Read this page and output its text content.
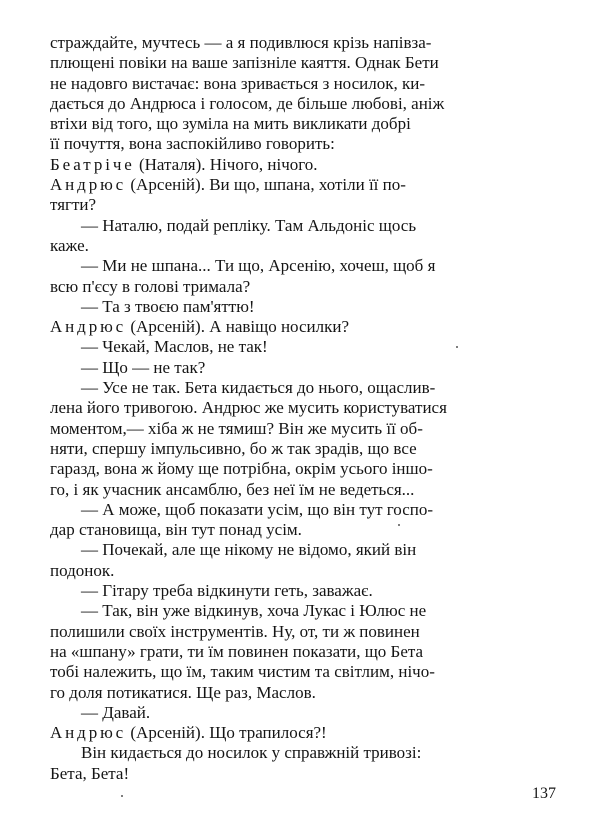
страждайте, мучтесь — а я подивлюся крізь напівза-
плющені повіки на ваше запізніле каяття. Однак Бети
не надовго вистачає: вона зривається з носилок, ки-
дається до Андрюса і голосом, де більше любові, аніж
втіхи від того, що зуміла на мить викликати добрі
її почуття, вона заспокійливо говорить:
Беатріче (Наталя). Нічого, нічого.
Андрюс (Арсеній). Ви що, шпана, хотіли її по-
тягти?
— Наталю, подай репліку. Там Альдоніс щось
каже.
— Ми не шпана... Ти що, Арсенію, хочеш, щоб я
всю п'єсу в голові тримала?
— Та з твоєю пам'яттю!
Андрюс (Арсеній). А навіщо носилки?
— Чекай, Маслов, не так!
— Що — не так?
— Усе не так. Бета кидається до нього, ощаслив-
лена його тривогою. Андрюс же мусить користуватися
моментом,— хіба ж не тямиш? Він же мусить її об-
няти, спершу імпульсивно, бо ж так зрадів, що все
гаразд, вона ж йому ще потрібна, окрім усього іншо-
го, і як учасник ансамблю, без неї їм не ведеться...
— А може, щоб показати усім, що він тут госпо-
дар становища, він тут понад усім.
— Почекай, але ще нікому не відомо, який він
подонок.
— Гітару треба відкинути геть, заважає.
— Так, він уже відкинув, хоча Лукас і Юлюс не
полишили своїх інструментів. Ну, от, ти ж повинен
на «шпану» грати, ти їм повинен показати, що Бета
тобі належить, що їм, таким чистим та світлим, нічо-
го доля потикатися. Ще раз, Маслов.
— Давай.
Андрюс (Арсеній). Що трапилося?!
Він кидається до носилок у справжній тривозі:
Бета, Бета!
137
